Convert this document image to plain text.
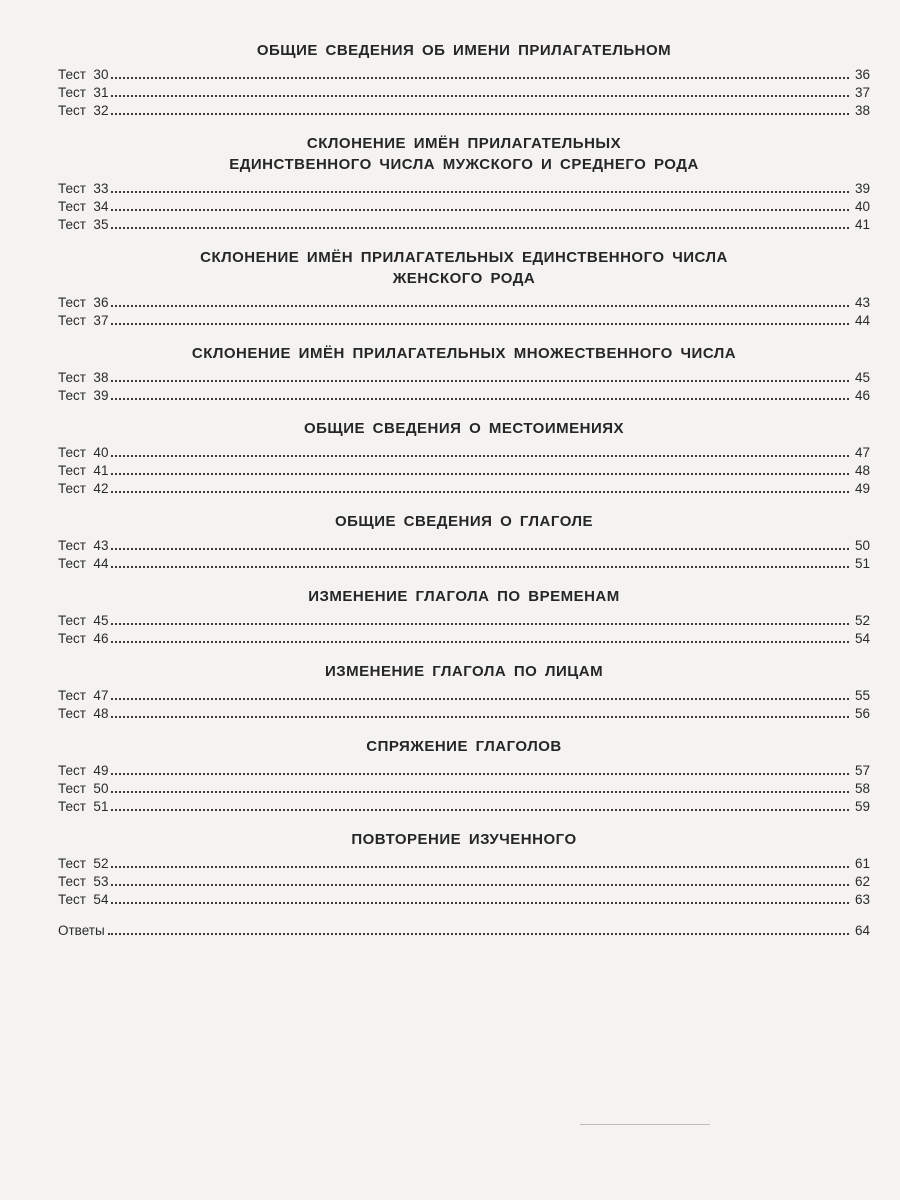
ОБЩИЕ СВЕДЕНИЯ ОБ ИМЕНИ ПРИЛАГАТЕЛЬНОМ
Тест  30	36
Тест  31	37
Тест  32	38
СКЛОНЕНИЕ ИМЁН ПРИЛАГАТЕЛЬНЫХ
ЕДИНСТВЕННОГО ЧИСЛА МУЖСКОГО И СРЕДНЕГО РОДА
Тест  33	39
Тест  34	40
Тест  35	41
СКЛОНЕНИЕ ИМЁН ПРИЛАГАТЕЛЬНЫХ ЕДИНСТВЕННОГО ЧИСЛА
ЖЕНСКОГО РОДА
Тест  36	43
Тест  37	44
СКЛОНЕНИЕ ИМЁН ПРИЛАГАТЕЛЬНЫХ МНОЖЕСТВЕННОГО ЧИСЛА
Тест  38	45
Тест  39	46
ОБЩИЕ СВЕДЕНИЯ О МЕСТОИМЕНИЯХ
Тест  40	47
Тест  41	48
Тест  42	49
ОБЩИЕ СВЕДЕНИЯ О ГЛАГОЛЕ
Тест  43	50
Тест  44	51
ИЗМЕНЕНИЕ ГЛАГОЛА ПО ВРЕМЕНАМ
Тест  45	52
Тест  46	54
ИЗМЕНЕНИЕ ГЛАГОЛА ПО ЛИЦАМ
Тест  47	55
Тест  48	56
СПРЯЖЕНИЕ ГЛАГОЛОВ
Тест  49	57
Тест  50	58
Тест  51	59
ПОВТОРЕНИЕ ИЗУЧЕННОГО
Тест  52	61
Тест  53	62
Тест  54	63
Ответы	64
